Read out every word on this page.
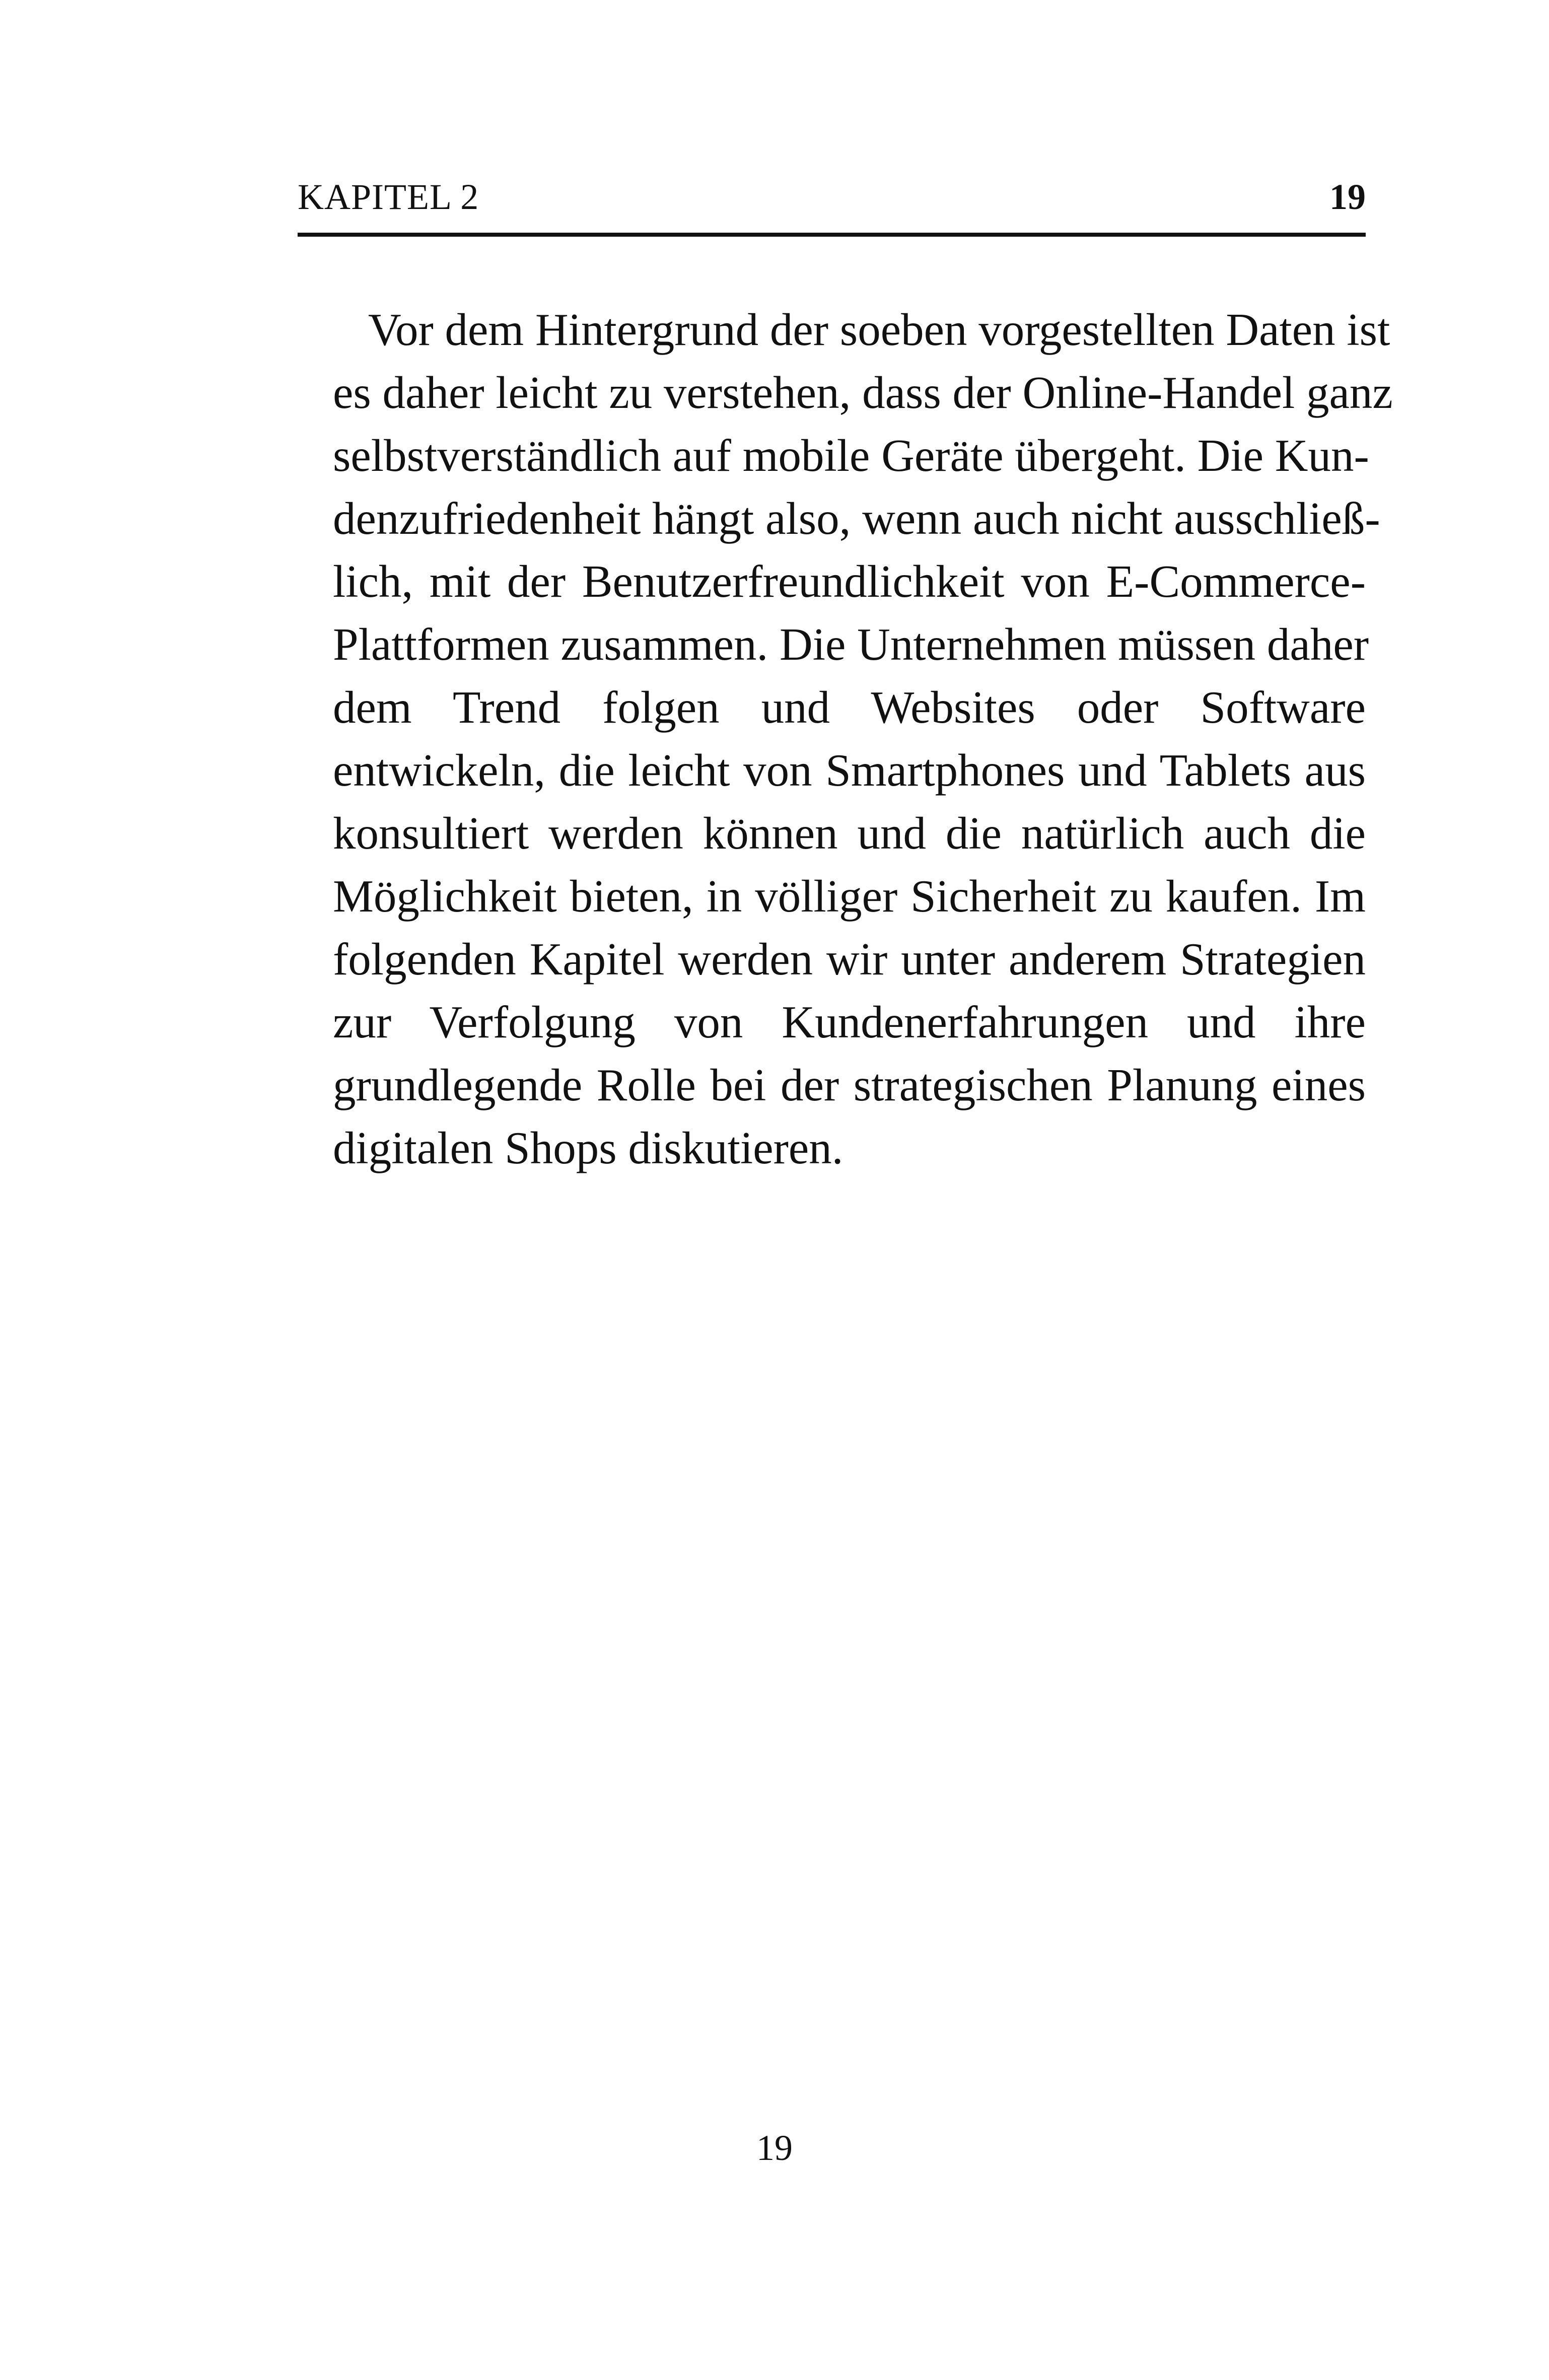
KAPITEL 2	19
Vor dem Hintergrund der soeben vorgestellten Daten ist
es daher leicht zu verstehen, dass der Online-Handel ganz
selbstverständlich auf mobile Geräte übergeht. Die Kun-
denzufriedenheit hängt also, wenn auch nicht ausschließ-
lich, mit der Benutzerfreundlichkeit von E-Commerce-
Plattformen zusammen. Die Unternehmen müssen daher
dem Trend folgen und Websites oder Software
entwickeln, die leicht von Smartphones und Tablets aus
konsultiert werden können und die natürlich auch die
Möglichkeit bieten, in völliger Sicherheit zu kaufen. Im
folgenden Kapitel werden wir unter anderem Strategien
zur Verfolgung von Kundenerfahrungen und ihre
grundlegende Rolle bei der strategischen Planung eines
digitalen Shops diskutieren.
19
